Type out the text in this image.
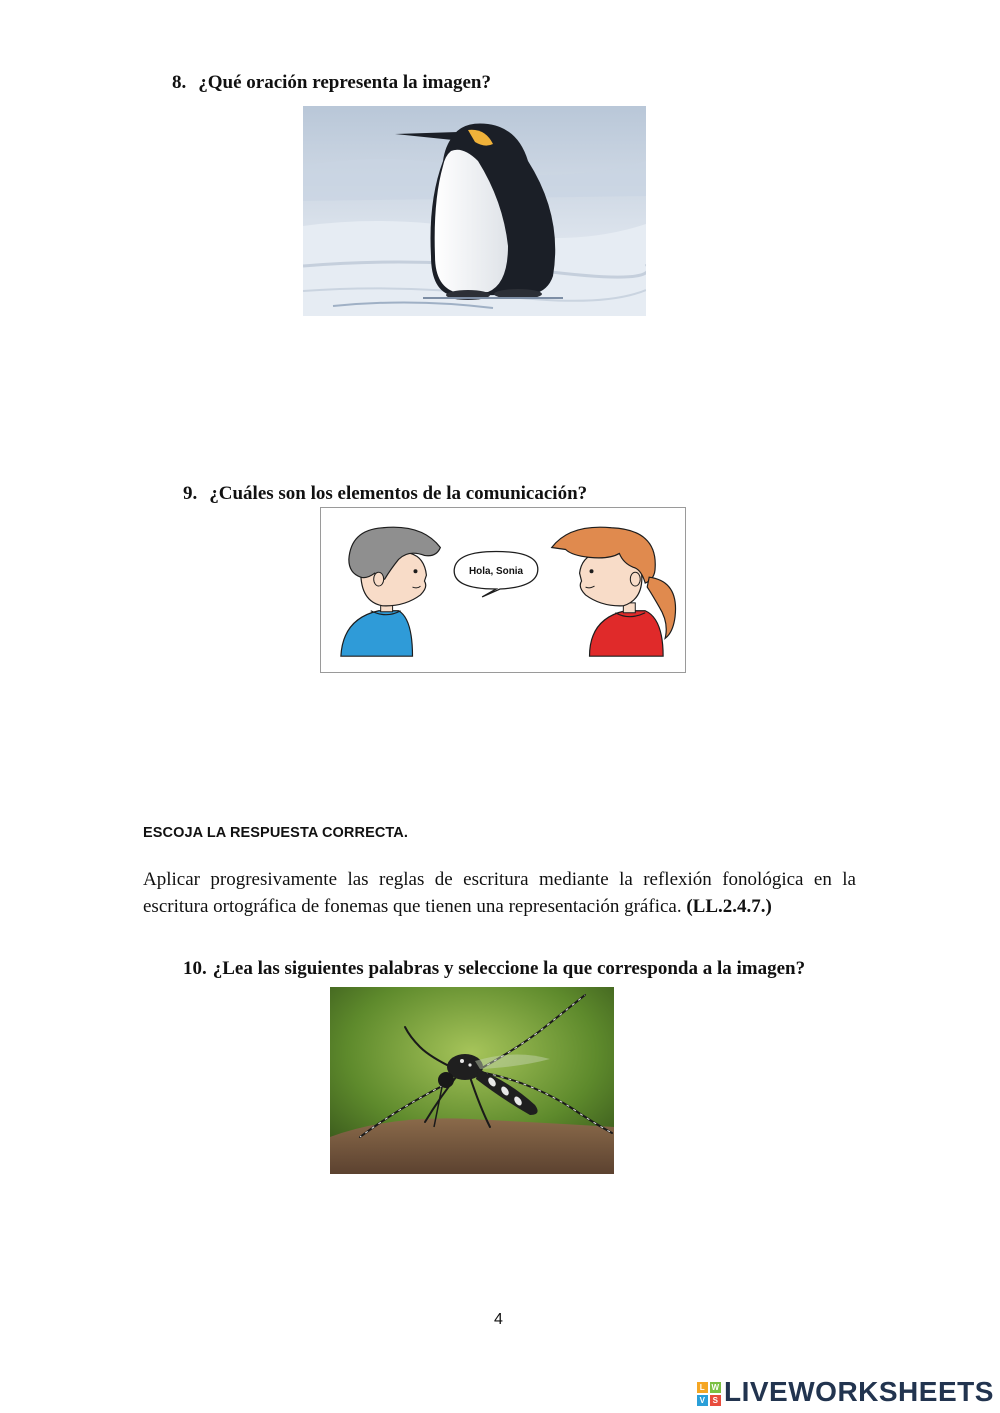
8. ¿Qué oración representa la imagen?
9. ¿Cuáles son los elementos de la comunicación?
Hola, Sonia
ESCOJA LA RESPUESTA CORRECTA.
Aplicar progresivamente las reglas de escritura mediante la reflexión fonológica en la escritura ortográfica de fonemas que tienen una representación gráfica. (LL.2.4.7.)
10. ¿Lea las siguientes palabras y seleccione la que corresponda a la imagen?
4
L W
V S LIVEWORKSHEETS
